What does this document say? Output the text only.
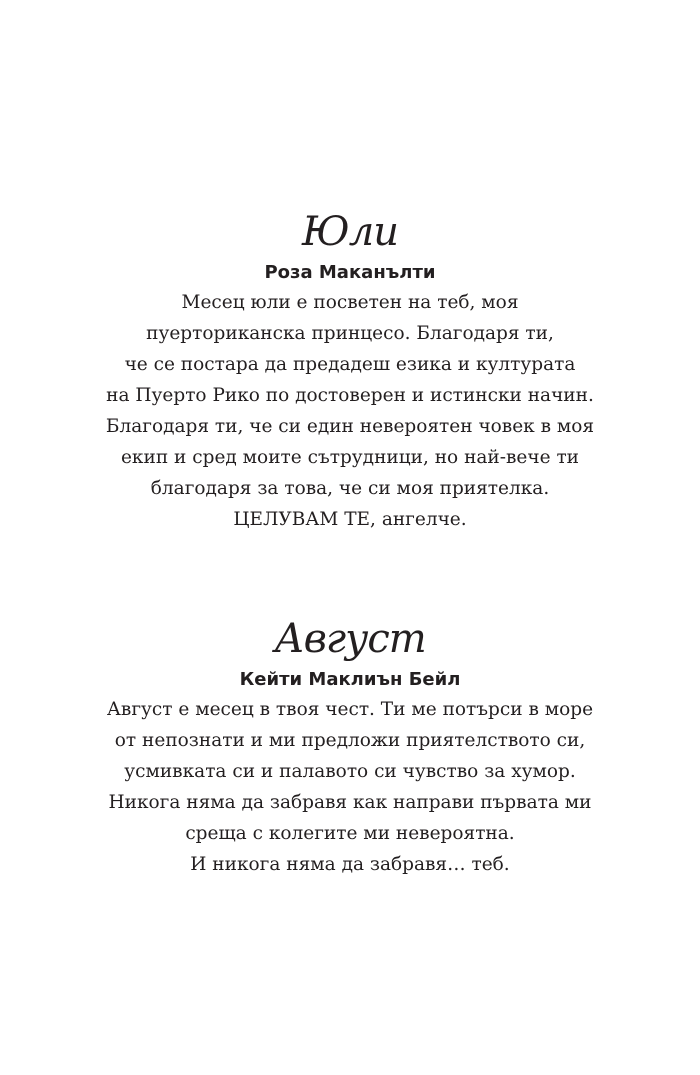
Юли
Роза Маканълти
Месец юли е посветен на теб, моя
пуерториканска принцесо. Благодаря ти,
че се постара да предадеш езика и културата
на Пуерто Рико по достоверен и истински начин.
Благодаря ти, че си един невероятен човек в моя
екип и сред моите сътрудници, но най-вече ти
благодаря за това, че си моя приятелка.
ЦЕЛУВАМ ТЕ, ангелче.
Август
Кейти Маклиън Бейл
Август е месец в твоя чест. Ти ме потърси в море
от непознати и ми предложи приятелството си,
усмивката си и палавото си чувство за хумор.
Никога няма да забравя как направи първата ми
среща с колегите ми невероятна.
И никога няма да забравя… теб.
